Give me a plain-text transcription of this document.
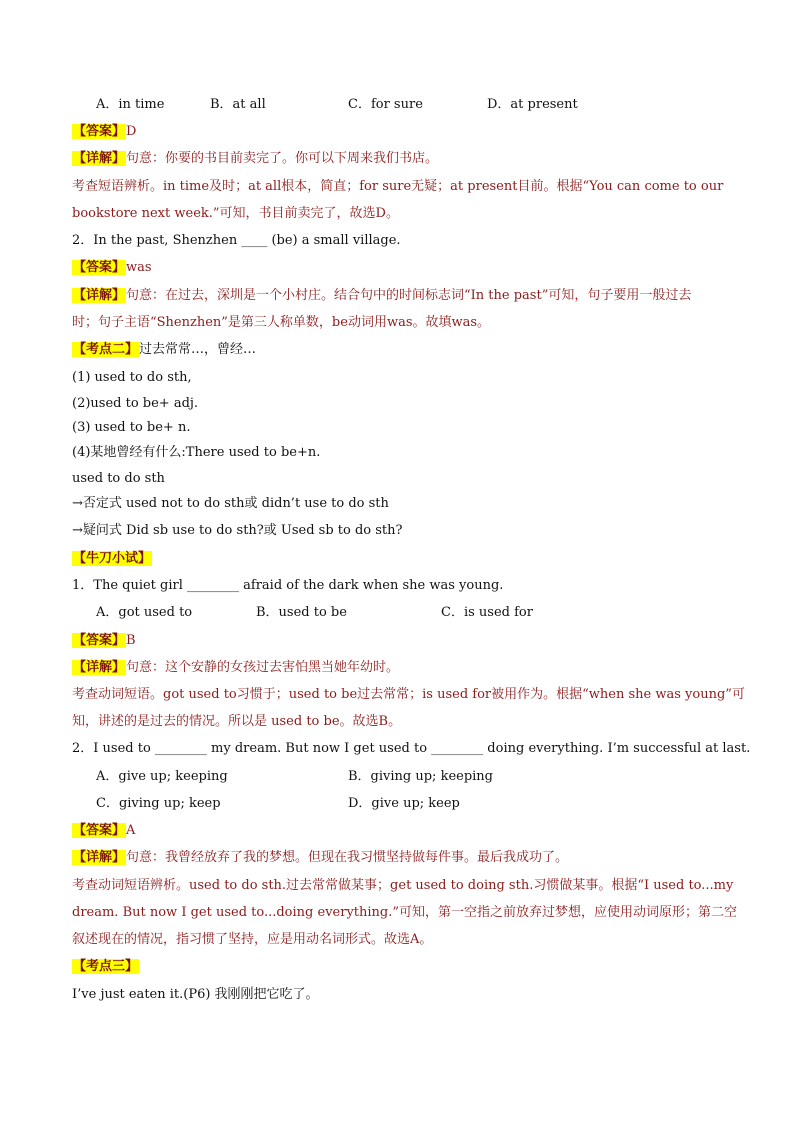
A．in time	B．at all	C．for sure	D．at present
【答案】D
【详解】句意：你要的书目前卖完了。你可以下周来我们书店。
考查短语辨析。in time及时；at all根本，简直；for sure无疑；at present目前。根据“You can come to our
bookstore next week.”可知，书目前卖完了，故选D。
2．In the past, Shenzhen ____ (be) a small village.
【答案】was
【详解】句意：在过去，深圳是一个小村庄。结合句中的时间标志词“In the past”可知，句子要用一般过去
时；句子主语“Shenzhen”是第三人称单数，be动词用was。故填was。
【考点二】过去常常…，曾经…
(1) used to do sth,
(2)used to be+ adj.
(3) used to be+ n.
(4)某地曾经有什么:There used to be+n.
used to do sth
→否定式 used not to do sth或 didn’t use to do sth
→疑问式 Did sb use to do sth?或 Used sb to do sth?
【牛刀小试】
1．The quiet girl ________ afraid of the dark when she was young.
A．got used to	B．used to be	C．is used for
【答案】B
【详解】句意：这个安静的女孩过去害怕黑当她年幼时。
考查动词短语。got used to习惯于；used to be过去常常；is used for被用作为。根据“when she was young”可
知，讲述的是过去的情况。所以是 used to be。故选B。
2．I used to ________ my dream. But now I get used to ________ doing everything. I’m successful at last.
A．give up; keeping	B．giving up; keeping
C．giving up; keep	D．give up; keep
【答案】A
【详解】句意：我曾经放弃了我的梦想。但现在我习惯坚持做每件事。最后我成功了。
考查动词短语辨析。used to do sth.过去常常做某事；get used to doing sth.习惯做某事。根据“I used to...my
dream. But now I get used to...doing everything.”可知，第一空指之前放弃过梦想，应使用动词原形；第二空
叙述现在的情况，指习惯了坚持，应是用动名词形式。故选A。
【考点三】
I’ve just eaten it.(P6) 我刚刚把它吃了。
